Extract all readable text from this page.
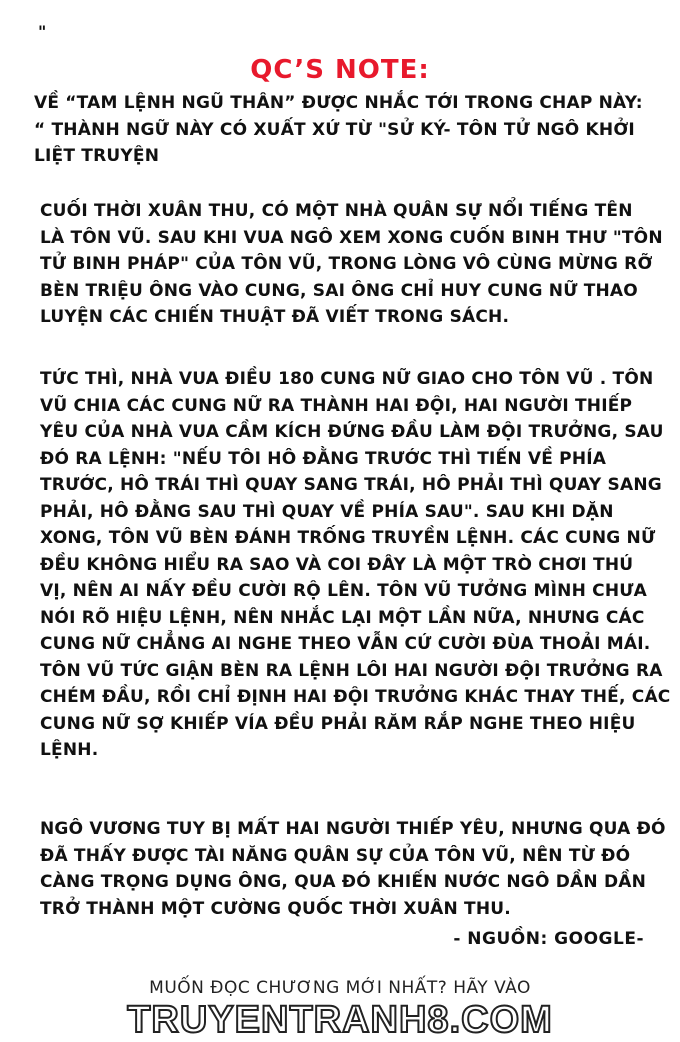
"
QC’S NOTE:
VỀ “TAM LỆNH NGŨ THÂN” ĐƯỢC NHẮC TỚI TRONG CHAP NÀY:
“ THÀNH NGỮ NÀY CÓ XUẤT XỨ TỪ "SỬ KÝ- TÔN TỬ NGÔ KHỞI
LIỆT TRUYỆN
CUỐI THỜI XUÂN THU, CÓ MỘT NHÀ QUÂN SỰ NỔI TIẾNG TÊN
LÀ TÔN VŨ. SAU KHI VUA NGÔ XEM XONG CUỐN BINH THƯ "TÔN
TỬ BINH PHÁP" CỦA TÔN VŨ, TRONG LÒNG VÔ CÙNG MỪNG RỠ
BÈN TRIỆU ÔNG VÀO CUNG, SAI ÔNG CHỈ HUY CUNG NỮ THAO
LUYỆN CÁC CHIẾN THUẬT ĐÃ VIẾT TRONG SÁCH.
TỨC THÌ, NHÀ VUA ĐIỀU 180 CUNG NỮ GIAO CHO TÔN VŨ . TÔN
VŨ CHIA CÁC CUNG NỮ RA THÀNH HAI ĐỘI, HAI NGƯỜI THIẾP
YÊU CỦA NHÀ VUA CẦM KÍCH ĐỨNG ĐẦU LÀM ĐỘI TRƯỞNG, SAU
ĐÓ RA LỆNH: "NẾU TÔI HÔ ĐẰNG TRƯỚC THÌ TIẾN VỀ PHÍA
TRƯỚC, HÔ TRÁI THÌ QUAY SANG TRÁI, HÔ PHẢI THÌ QUAY SANG
PHẢI, HÔ ĐẰNG SAU THÌ QUAY VỀ PHÍA SAU". SAU KHI DẶN
XONG, TÔN VŨ BÈN ĐÁNH TRỐNG TRUYỀN LỆNH. CÁC CUNG NỮ
ĐỀU KHÔNG HIỂU RA SAO VÀ COI ĐÂY LÀ MỘT TRÒ CHƠI THÚ
VỊ, NÊN AI NẤY ĐỀU CƯỜI RỘ LÊN. TÔN VŨ TƯỞNG MÌNH CHƯA
NÓI RÕ HIỆU LỆNH, NÊN NHẮC LẠI MỘT LẦN NỮA, NHƯNG CÁC
CUNG NỮ CHẲNG AI NGHE THEO VẪN CỨ CƯỜI ĐÙA THOẢI MÁI.
TÔN VŨ TỨC GIẬN BÈN RA LỆNH LÔI HAI NGƯỜI ĐỘI TRƯỞNG RA
CHÉM ĐẦU, RỒI CHỈ ĐỊNH HAI ĐỘI TRƯỞNG KHÁC THAY THẾ, CÁC
CUNG NỮ SỢ KHIẾP VÍA ĐỀU PHẢI RĂM RẮP NGHE THEO HIỆU
LỆNH.
NGÔ VƯƠNG TUY BỊ MẤT HAI NGƯỜI THIẾP YÊU, NHƯNG QUA ĐÓ
ĐÃ THẤY ĐƯỢC TÀI NĂNG QUÂN SỰ CỦA TÔN VŨ, NÊN TỪ ĐÓ
CÀNG TRỌNG DỤNG ÔNG, QUA ĐÓ KHIẾN NƯỚC NGÔ DẦN DẦN
TRỞ THÀNH MỘT CƯỜNG QUỐC THỜI XUÂN THU.
- NGUỒN: GOOGLE-
MUỐN ĐỌC CHƯƠNG MỚI NHẤT? HÃY VÀO
TRUYENTRANH8.COM
